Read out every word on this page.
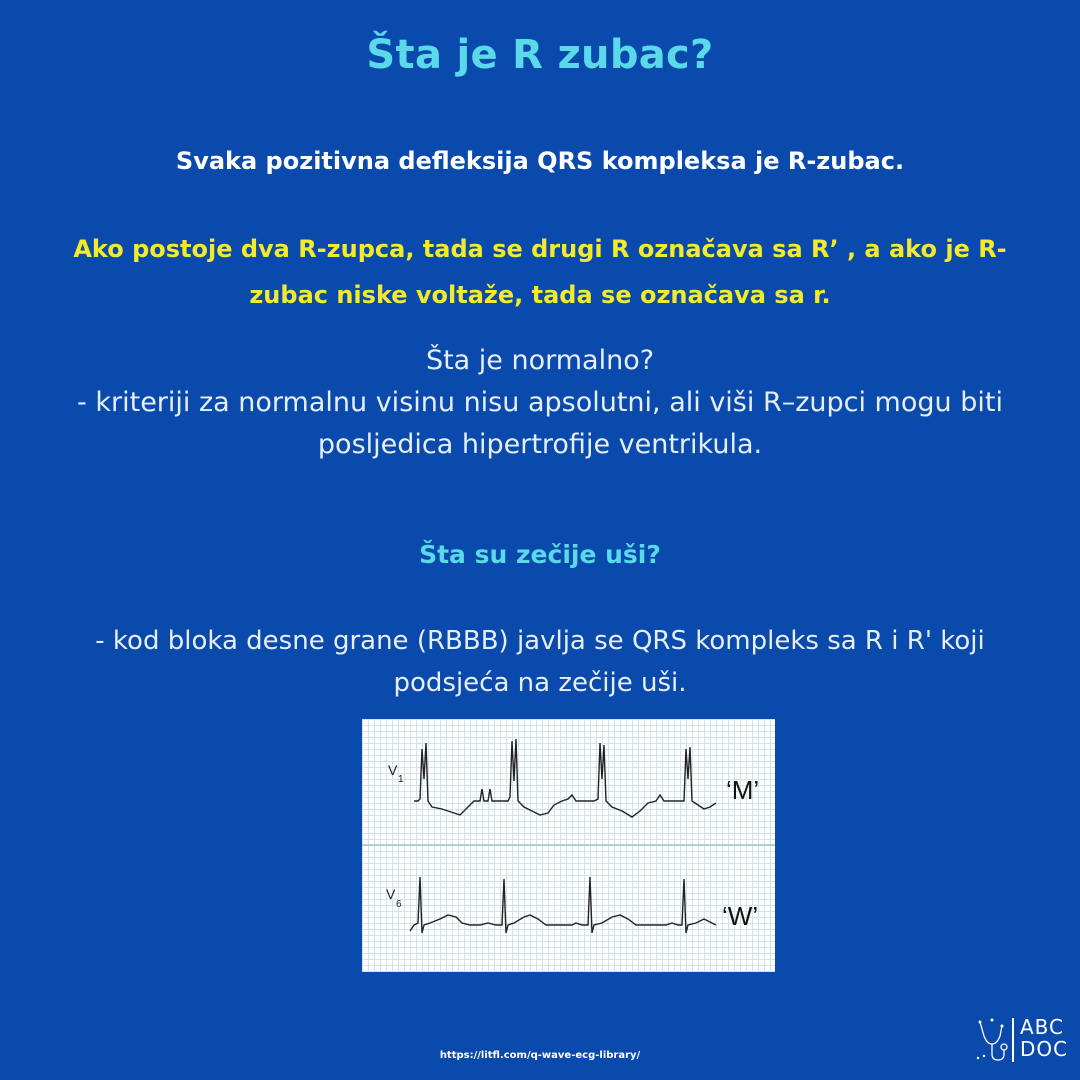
Šta je R zubac?
Svaka pozitivna defleksija QRS kompleksa je R-zubac.
Ako postoje dva R-zupca, tada se drugi R označava sa R’ , a ako je R-
zubac niske voltaže, tada se označava sa r.
Šta je normalno?
- kriteriji za normalnu visinu nisu apsolutni, ali viši R–zupci mogu biti
posljedica hipertrofije ventrikula.
Šta su zečije uši?
- kod bloka desne grane (RBBB) javlja se QRS kompleks sa R i R' koji
podsjeća na zečije uši.
V
1	‘M’
V
6	‘W’
https://litfl.com/q-wave-ecg-library/
ABC
DOC
